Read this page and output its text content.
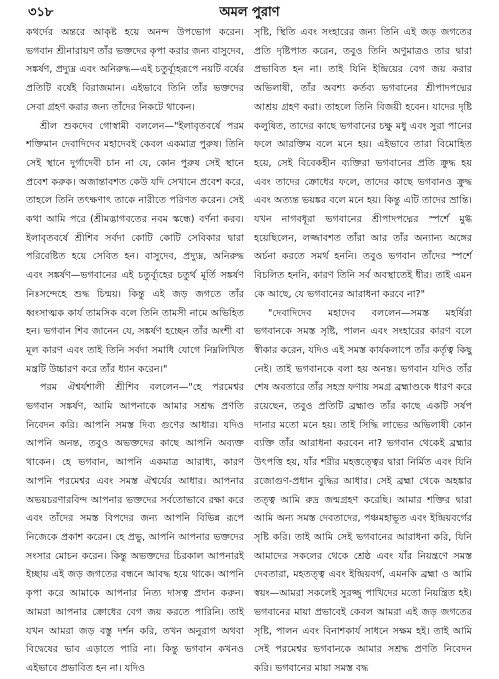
৩১৮	অমল পুরাণ

কথর্দের অন্তরে আকৃষ্ট হয়ে অনন্দ উপভোগ করেন। ভগবান শ্রীনারায়ণ তাঁর ভক্তদের কৃপা করার জন্য বাসুদেব, সঙ্কর্ষণ, প্রদ্যুম্ন এবং অনিরুদ্ধ—এই চতুর্ব্যূহরূপে নয়টি বর্ষের প্রতিটি বর্ষেই বিরাজমান। এইভাবে তিনি তাঁর ভক্তদের সেবা গ্রহণ করার জন্য তাঁদের নিকটে থাকেন।

শ্রীল শুকদেব গোস্বামী বললেন—"ইলাবৃতবর্ষে পরম শক্তিমান দেবাদিদেব মহাদেবই কেবল একমাত্র পুরুষ। তিনি সেই স্থানে দুর্গাদেবী চান না যে, কোন পুরুষ সেই স্থানে প্রবেশ করুক। অজান্তাবশত কেউ যদি সেখানে প্রবেশ করে, তাহলে তিনি তৎক্ষণাৎ তাকে নারীতে পরিণত করেন। সেই কথা আমি পরে (শ্রীমদ্ভাগবতের নবম স্কন্ধে) বর্ণনা করব। ইলাবৃতবর্ষে শ্রীশিব সর্বদা কোটি কোটি সেবিকার দ্বারা পরিবেষ্টিত হয়ে সেবিত হন। বাসুদেব, প্রদ্যুম্ন, অনিরুদ্ধ এবং সঙ্কর্ষণ—ভগবানের এই চতুর্ব্যূহের চতুর্থ মূর্তি সঙ্কর্ষণ নিঃসন্দেহে শুদ্ধ চিন্ময়। কিন্তু এই জড় জগতে তাঁর ধ্বংসাত্মক কার্য তামসিক বলে তিনি তামসী নামে অভিহিত হন। ভগবান শিব জানেন যে, সঙ্কর্ষণ হচ্ছেন তাঁর অংশী বা মূল কারণ এবং তাই তিনি সর্বদা সমাধি যোগে নিম্নলিখিত মন্ত্রটি উচ্চারণ করে তাঁর ধ্যান করেন।"

পরম ঐশ্বর্যশালী শ্রীশিব বললেন—"হে পরমেশ্বর ভগবান সঙ্কর্ষণ, আমি আপনাকে আমার সশ্রদ্ধ প্রণতি নিবেদন করি। আপনি সমস্ত দিব্য গুণের আধার। যদিও আপনি অনন্ত, তবুও অভক্তদের কাছে আপনি অব্যক্ত থাকেন। হে ভগবান, আপনি একমাত্র আরাধ্য, কারণ আপনি পরমেশ্বর এবং সমস্ত ঐশ্বর্যের আধার। আপনার অভয়চরণারবিন্দ আপনার ভক্তদের সর্বতোভাবে রক্ষা করে এবং তাঁদের সমস্ত বিপদের জন্য আপনি বিভিন্ন রূপে নিজেকে প্রকাশ করেন। হে প্রভু, আপনি আপনার ভক্তদের সংসার মোচন করেন। কিন্তু অভক্তদের চিরকাল আপনারই ইচ্ছায় এই জড় জগতের বন্ধনে আবদ্ধ হয়ে থাকে। আপনি কৃপা করে আমাকে আপনার নিত্য দাসত্ব প্রদান করুন। আমরা আপনার ক্রোধের বেগ জয় করতে পারিনি। তাই যখন আমরা জড় বস্তু দর্শন করি, তখন অনুরাগ অথবা বিদ্বেষের ভাব এড়াতে পারি না। কিন্তু ভগবান কখনও এইভাবে প্রভাবিত হন না। যদিও

সৃষ্টি, স্থিতি এবং সংহারের জন্য তিনি এই জড় জগতের প্রতি দৃষ্টিপাত করেন, তবুও তিনি অণুমাত্রও তার দ্বারা প্রভাবিত হন না। তাই যিনি ইন্দ্রিয়ের বেগ জয় করার অভিলাষী, তাঁর অবশ্য কর্তব্য ভগবানের শ্রীপাদপদ্মের আশ্রয় গ্রহণ করা। তাহলে তিনি বিজয়ী হবেন। যাদের দৃষ্টি কলুষিত, তাদের কাছে ভগবানের চক্ষু মধু এবং সুরা পানের ফলে আরক্তিম বলে মনে হয়। এইভাবে তারা বিমোহিত হয়ে, সেই বিবেকহীন ব্যক্তিরা ভগবানের প্রতি ক্রুদ্ধ হয় এবং তাদের ক্রোধের ফলে, তাদের কাছে ভগবানও ক্রুদ্ধ এবং অত্যন্ত ভয়ঙ্কর বলে মনে হয়। কিন্তু এটি তাদের ভ্রান্তি। যখন নাগবধূরা ভগবানের শ্রীপাদপদ্মের স্পর্শে মুগ্ধ হয়েছিলেন, লজ্জাবশত তাঁরা আর তাঁর অন্যান্য অঙ্গের অর্চনা করতে সমর্থ হননি। তবুও ভগবান তাঁদের স্পর্শে বিচলিত হননি, কারণ তিনি সর্ব অবস্থাতেই ধীর। তাই এমন কে আছে, যে ভগবানের আরাধনা করবে না?"

"দেবাদিদেব মহাদেব বললেন—সমস্ত মহর্ষিরা ভগবানকে সমস্ত সৃষ্টি, পালন এবং সংহারের কারণ বলে স্বীকার করেন, যদিও এই সমস্ত কার্যকলাপে তাঁর কর্তৃত্ব কিছু নেই। তাই ভগবানকে বলা হয় অনন্ত। ভগবান যদিও তাঁর শেষ অবতারে তাঁর সহস্র ফণায় সমগ্র ব্রহ্মাণ্ডকে ধারণ করে রয়েছেন, তবুও প্রতিটি ব্রহ্মাণ্ড তাঁর কাছে একটি সর্ষপ দানার মতো মনে হয়। তাই সিদ্ধি লাভের অভিলাষী কোন ব্যক্তি তাঁর আরাধনা করবেন না? ভগবান থেকেই ব্রহ্মার উৎপত্তি হয়, যাঁর শরীর মহত্তত্ত্বের দ্বারা নির্মিত এবং যিনি রজোগুণ-প্রধান বুদ্ধির আধার। সেই ব্রহ্মা থেকে অহঙ্কার তত্ত্ব আমি রুদ্র জন্মগ্রহণ করেছি। আমার শক্তির দ্বারা আমি অন্য সমস্ত দেবতাদের, পঞ্চমহাভূত এবং ইন্দ্রিয়বর্গের সৃষ্টি করি। তাই আমি সেই ভগবানের আরাধনা করি, যিনি আমাদের সকলের থেকে শ্রেষ্ঠ এবং যাঁর নিয়ন্ত্রণে সমস্ত দেবতারা, মহতত্ত্ব এবং ইন্দ্রিয়বর্গ, এমনকি ব্রহ্মা ও আমি স্বয়ং—আমরা সকলেই সুরজ্জু পাখিদের মতো নিয়ন্ত্রিত হই। ভগবানের মায়া প্রভাবেই কেবল আমরা এই জড় জগতের সৃষ্টি, পালন এবং বিনাশকার্য সাধনে সক্ষম হই। তাই আমি সেই পরমেশ্বর ভগবানকে আমার সশ্রদ্ধ প্রণতি নিবেদন করি। ভগবানের মায়া সমস্ত বদ্ধ
